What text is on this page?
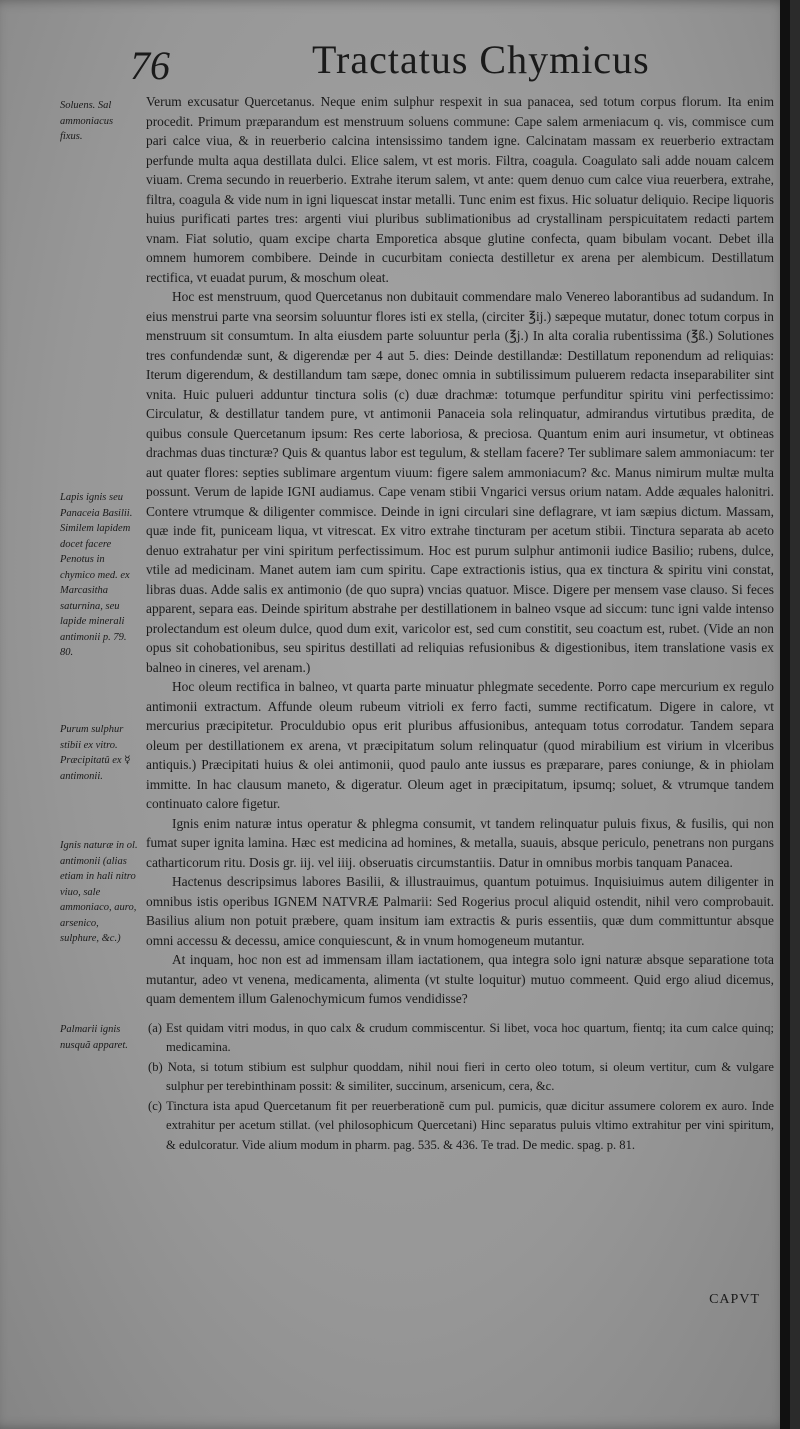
76	Tractatus Chymicus
Soluens. Sal ammoniacus fixus.
Lapis ignis seu Panaceia Basilii. Similem lapidem docet facere Penotus in chymico med. ex Marcasitha saturnina, seu lapide minerali antimonii p. 79. 80.
Purum sulphur stibii ex vitro. Præcipitatû ex ☿ antimonii.
Ignis naturæ in ol. antimonii (alias etiam in hali nitro viuo, sale ammoniaco, auro, arsenico, sulphure, &c.)
Palmarii ignis nusquã apparet.

Verum excusatur Quercetanus. Neque enim sulphur respexit in sua panacea, sed totum corpus florum. Ita enim procedit. Primum præparandum est menstruum soluens commune: Cape salem armeniacum q. vis, commisce cum pari calce viua, & in reuerberio calcina intensissimo tandem igne. Calcinatam massam ex reuerberio extractam perfunde multa aqua destillata dulci. Elice salem, vt est moris. Filtra, coagula. Coagulato sali adde nouam calcem viuam. Crema secundo in reuerberio. Extrahe iterum salem, vt ante: quem denuo cum calce viua reuerbera, extrahe, filtra, coagula & vide num in igni liquescat instar metalli. Tunc enim est fixus. Hic soluatur deliquio. Recipe liquoris huius purificati partes tres: argenti viui pluribus sublimationibus ad crystallinam perspicuitatem redacti partem vnam. Fiat solutio, quam excipe charta Emporetica absque glutine confecta, quam bibulam vocant. Debet illa omnem humorem combibere. Deinde in cucurbitam coniecta destilletur ex arena per alembicum. Destillatum rectifica, vt euadat purum, & moschum oleat.

Hoc est menstruum, quod Quercetanus non dubitauit commendare malo Venereo laborantibus ad sudandum. In eius menstrui parte vna seorsim soluuntur flores isti ex stella, (circiter ℥ij.) sæpeque mutatur, donec totum corpus in menstruum sit consumtum. In alta eiusdem parte soluuntur perla (℥j.) In alta coralia rubentissima (℥ß.) Solutiones tres confundendæ sunt, & digerendæ per 4 aut 5. dies: Deinde destillandæ: Destillatum reponendum ad reliquias: Iterum digerendum, & destillandum tam sæpe, donec omnia in subtilissimum puluerem redacta inseparabiliter sint vnita. Huic puluerі adduntur tinctura solis (c) duæ drachmæ: totumque perfunditur spiritu vini perfectissimo: Circulatur, & destillatur tandem pure, vt antimonii Panaceia sola relinquatur, admirandus virtutibus prædita, de quibus consule Quercetanum ipsum: Res certe laboriosa, & preciosa. Quantum enim auri insumetur, vt obtineas drachmas duas tincturæ? Quis & quantus labor est tegulum, & stellam facere? Ter sublimare salem ammoniacum: ter aut quater flores: septies sublimare argentum viuum: figere salem ammoniacum? &c. Manus nimirum multæ multa possunt. Verum de lapide IGNI audiamus. Cape venam stibii Vngarici versus orium natam. Adde æquales halonitri. Contere vtrumque & diligenter commisce. Deinde in igni circulari sine deflagrare, vt iam sæpius dictum. Massam, quæ inde fit, puniceam liqua, vt vitrescat. Ex vitro extrahe tincturam per acetum stibii. Tinctura separata ab aceto denuo extrahatur per vini spiritum perfectissimum. Hoc est purum sulphur antimonii iudice Basilio; rubens, dulce, vtile ad medicinam. Manet autem iam cum spiritu. Cape extractionis istius, qua ex tinctura & spiritu vini constat, libras duas. Adde salis ex antimonio (de quo supra) vncias quatuor. Misce. Digere per mensem vase clauso. Si feces apparent, separa eas. Deinde spiritum abstrahe per destillationem in balneo vsque ad siccum: tunc igni valde intenso prolectandum est oleum dulce, quod dum exit, varicolor est, sed cum constitit, seu coactum est, rubet. (Vide an non opus sit cohobationibus, seu spiritus destillati ad reliquias refusionibus & digestionibus, item translatione vasis ex balneo in cineres, vel arenam.)

Hoc oleum rectifica in balneo, vt quarta parte minuatur phlegmate secedente. Porro cape mercurium ex regulo antimonii extractum. Affunde oleum rubeum vitrioli ex ferro facti, summe rectificatum. Digere in calore, vt mercurius præcipitetur. Proculdubio opus erit pluribus affusionibus, antequam totus corrodatur. Tandem separa oleum per destillationem ex arena, vt præcipitatum solum relinquatur (quod mirabilium est virium in vlceribus antiquis.) Præcipitati huius & olei antimonii, quod paulo ante iussus es præparare, pares coniunge, & in phiolam immitte. In hac clausum maneto, & digeratur. Oleum aget in præcipitatum, ipsumq; soluet, & vtrumque tandem continuato calore figetur.

Ignis enim naturæ intus operatur & phlegma consumit, vt tandem relinquatur puluis fixus, & fusilis, qui non fumat super ignita lamina. Hæc est medicina ad homines, & metalla, suauis, absque periculo, penetrans non purgans catharticorum ritu. Dosis gr. iij. vel iiij. obseruatis circumstantiis. Datur in omnibus morbis tanquam Panacea.

Hactenus descripsimus labores Basilii, & illustrauimus, quantum potuimus. Inquisiuimus autem diligenter in omnibus istis operibus IGNEM NATVRÆ Palmarii: Sed Rogerius procul aliquid ostendit, nihil vero comprobauit. Basilius alium non potuit præbere, quam insitum iam extractis & puris essentiis, quæ dum committuntur absque omni accessu & decessu, amice conquiescunt, & in vnum homogeneum mutantur.

At inquam, hoc non est ad immensam illam iactationem, qua integra solo igni naturæ absque separatione tota mutantur, adeo vt venena, medicamenta, alimenta (vt stulte loquitur) mutuo commeent. Quid ergo aliud dicemus, quam dementem illum Galenochymicum fumos vendidisse?

(a) Est quidam vitri modus, in quo calx & crudum commiscentur. Si libet, voca hoc quartum, fientq; ita cum calce quinq; medicamina.

(b) Nota, si totum stibium est sulphur quoddam, nihil noui fieri in certo oleo totum, si oleum vertitur, cum & vulgare sulphur per terebinthinam possit: & similiter, succinum, arsenicum, cera, &c.

(c) Tinctura ista apud Quercetanum fit per reuerberationẽ cum pul. pumicis, quæ dicitur assumere colorem ex auro. Inde extrahitur per acetum stillat. (vel philosophicum Quercetani) Hinc separatus puluis vltimo extrahitur per vini spiritum, & edulcoratur. Vide alium modum in pharm. pag. 535. & 436. Te trad. De medic. spag. p. 81.

CAPVT
